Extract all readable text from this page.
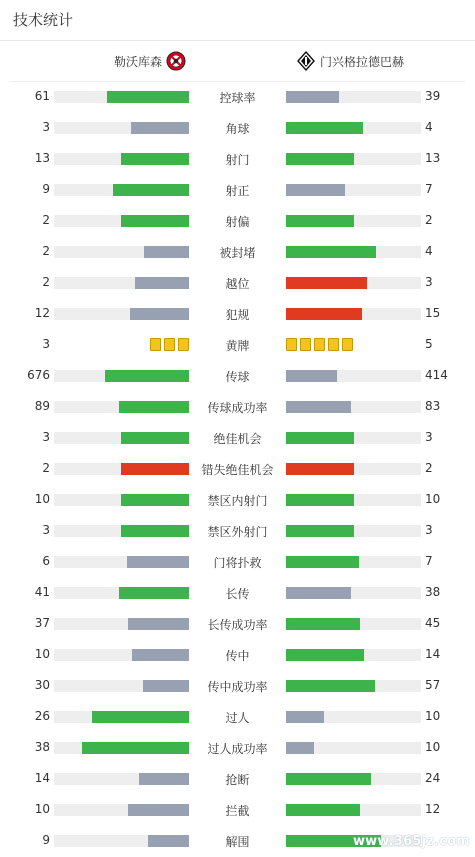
技术统计
勒沃库森	门兴格拉德巴赫
61	控球率	39
3	角球	4
13	射门	13
9	射正	7
2	射偏	2
2	被封堵	4
2	越位	3
12	犯规	15
3	黄牌	5
676	传球	414
89	传球成功率	83
3	绝佳机会	3
2	错失绝佳机会	2
10	禁区内射门	10
3	禁区外射门	3
6	门将扑救	7
41	长传	38
37	长传成功率	45
10	传中	14
30	传中成功率	57
26	过人	10
38	过人成功率	10
14	抢断	24
10	拦截	12
9	解围	www.365jz.com
